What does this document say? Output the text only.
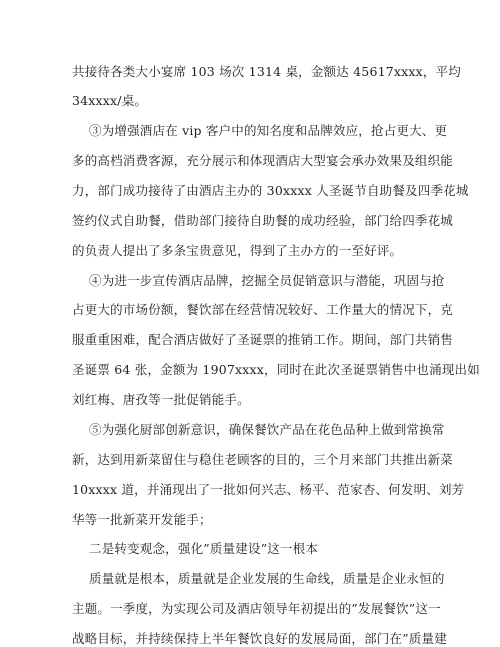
共接待各类大小宴席 103 场次 1314 桌，金额达 45617xxxx，平均
34xxxx/桌。
③为增强酒店在 vip 客户中的知名度和品牌效应，抢占更大、更
多的高档消费客源，充分展示和体现酒店大型宴会承办效果及组织能
力，部门成功接待了由酒店主办的 30xxxx 人圣诞节自助餐及四季花城
签约仪式自助餐，借助部门接待自助餐的成功经验，部门给四季花城
的负责人提出了多条宝贵意见，得到了主办方的一至好评。
④为进一步宣传酒店品牌，挖掘全员促销意识与潜能，巩固与抢
占更大的市场份额，餐饮部在经营情况较好、工作量大的情况下，克
服重重困难，配合酒店做好了圣诞票的推销工作。期间，部门共销售
圣诞票 64 张，金额为 1907xxxx，同时在此次圣诞票销售中也涌现出如
刘红梅、唐孜等一批促销能手。
⑤为强化厨部创新意识，确保餐饮产品在花色品种上做到常换常
新，达到用新菜留住与稳住老顾客的目的，三个月来部门共推出新菜
10xxxx 道，并涌现出了一批如何兴志、杨平、范家杏、何发明、刘芳
华等一批新菜开发能手；
二是转变观念，强化”质量建设”这一根本
质量就是根本，质量就是企业发展的生命线，质量是企业永恒的
主题。一季度，为实现公司及酒店领导年初提出的”发展餐饮”这一
战略目标，并持续保持上半年餐饮良好的发展局面，部门在”质量建
